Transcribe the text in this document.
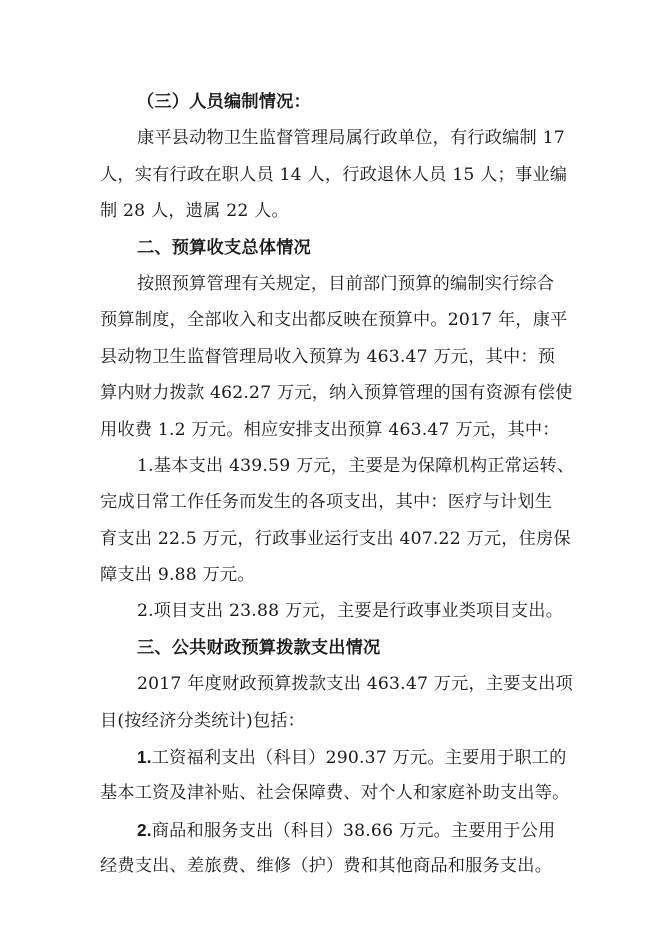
（三）人员编制情况：
康平县动物卫生监督管理局属行政单位，有行政编制 17
人，实有行政在职人员 14 人，行政退休人员 15 人；事业编
制 28 人，遗属 22 人。
二、预算收支总体情况
按照预算管理有关规定，目前部门预算的编制实行综合
预算制度，全部收入和支出都反映在预算中。2017 年，康平
县动物卫生监督管理局收入预算为 463.47 万元，其中：预
算内财力拨款 462.27 万元，纳入预算管理的国有资源有偿使
用收费 1.2 万元。相应安排支出预算 463.47 万元，其中：
1.基本支出 439.59 万元，主要是为保障机构正常运转、
完成日常工作任务而发生的各项支出，其中：医疗与计划生
育支出 22.5 万元，行政事业运行支出 407.22 万元，住房保
障支出 9.88 万元。
2.项目支出 23.88 万元，主要是行政事业类项目支出。
三、公共财政预算拨款支出情况
2017 年度财政预算拨款支出 463.47 万元，主要支出项
目(按经济分类统计)包括：
1.工资福利支出（科目）290.37 万元。主要用于职工的
基本工资及津补贴、社会保障费、对个人和家庭补助支出等。
2.商品和服务支出（科目）38.66 万元。主要用于公用
经费支出、差旅费、维修（护）费和其他商品和服务支出。
